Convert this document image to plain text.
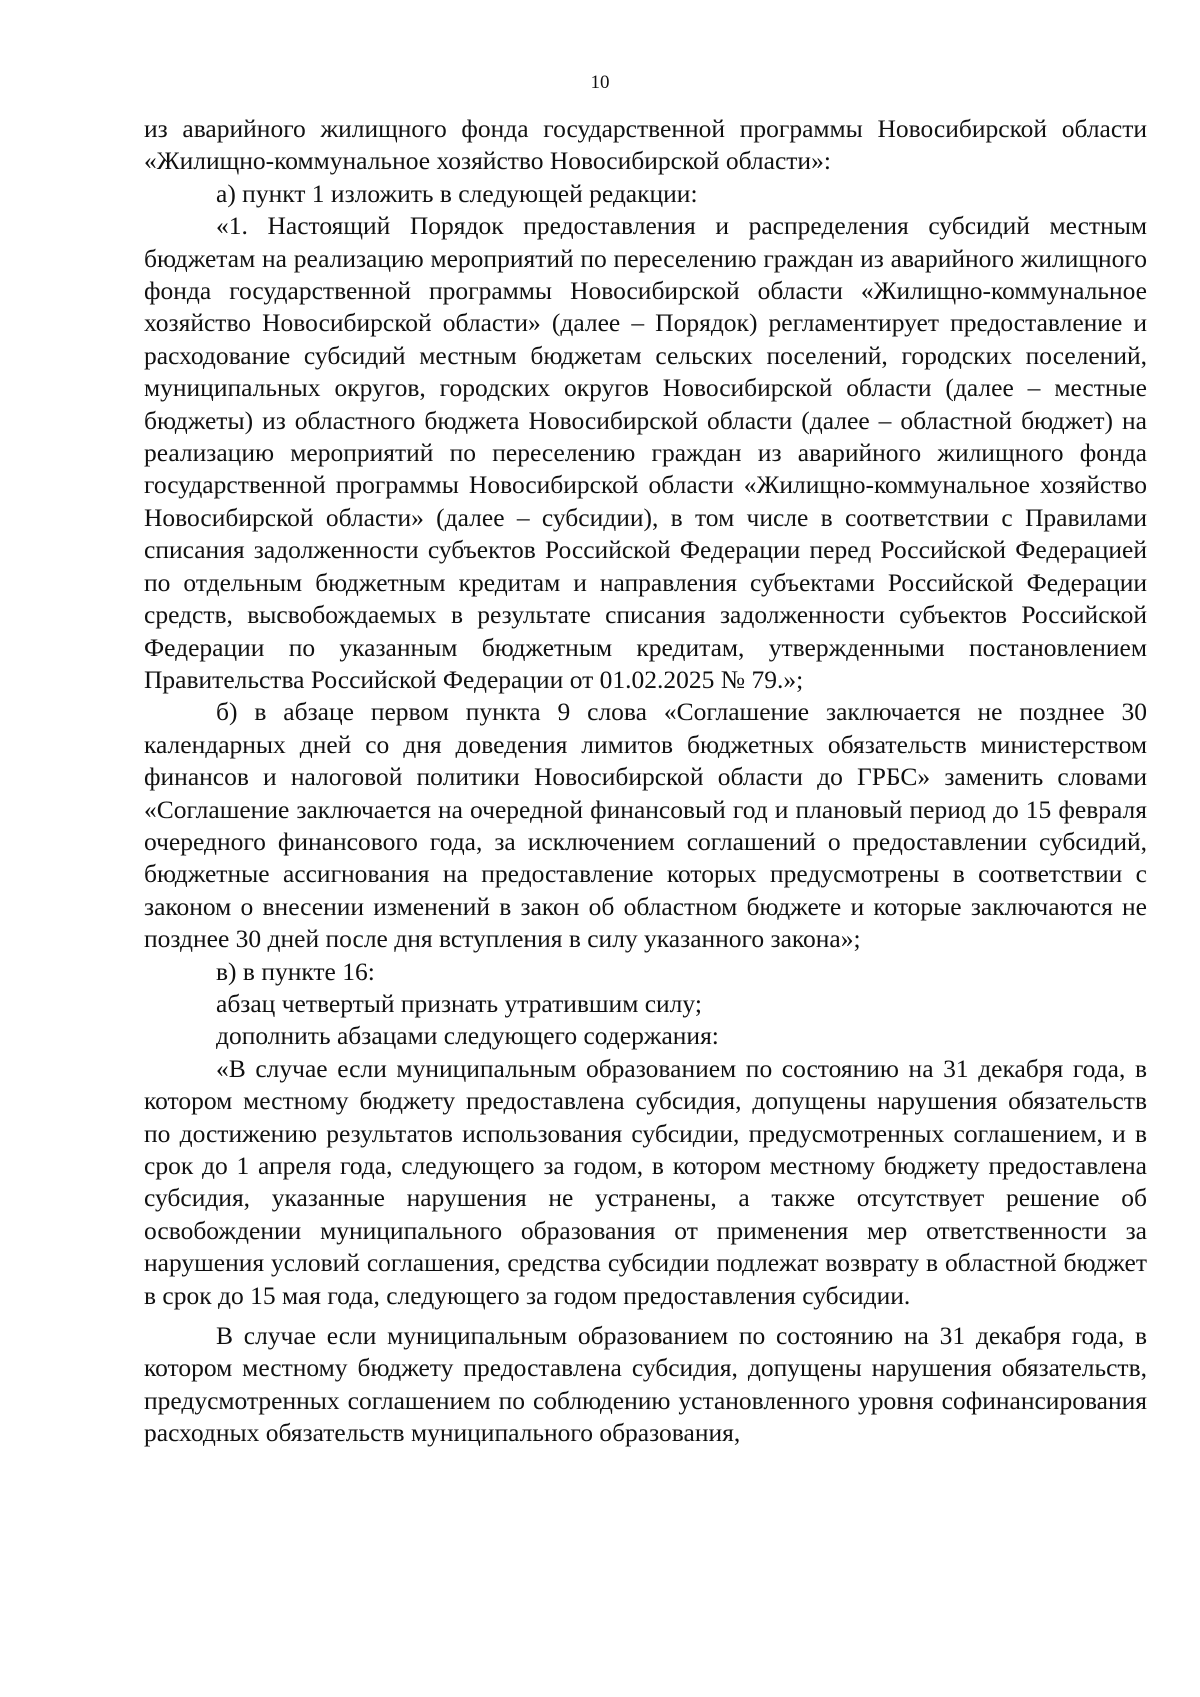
10

из аварийного жилищного фонда государственной программы Новосибирской области «Жилищно-коммунальное хозяйство Новосибирской области»:

а) пункт 1 изложить в следующей редакции:

«1. Настоящий Порядок предоставления и распределения субсидий местным бюджетам на реализацию мероприятий по переселению граждан из аварийного жилищного фонда государственной программы Новосибирской области «Жилищно-коммунальное хозяйство Новосибирской области» (далее – Порядок) регламентирует предоставление и расходование субсидий местным бюджетам сельских поселений, городских поселений, муниципальных округов, городских округов Новосибирской области (далее – местные бюджеты) из областного бюджета Новосибирской области (далее – областной бюджет) на реализацию мероприятий по переселению граждан из аварийного жилищного фонда государственной программы Новосибирской области «Жилищно-коммунальное хозяйство Новосибирской области» (далее – субсидии), в том числе в соответствии с Правилами списания задолженности субъектов Российской Федерации перед Российской Федерацией по отдельным бюджетным кредитам и направления субъектами Российской Федерации средств, высвобождаемых в результате списания задолженности субъектов Российской Федерации по указанным бюджетным кредитам, утвержденными постановлением Правительства Российской Федерации от 01.02.2025 № 79.»;

б) в абзаце первом пункта 9 слова «Соглашение заключается не позднее 30 календарных дней со дня доведения лимитов бюджетных обязательств министерством финансов и налоговой политики Новосибирской области до ГРБС» заменить словами «Соглашение заключается на очередной финансовый год и плановый период до 15 февраля очередного финансового года, за исключением соглашений о предоставлении субсидий, бюджетные ассигнования на предоставление которых предусмотрены в соответствии с законом о внесении изменений в закон об областном бюджете и которые заключаются не позднее 30 дней после дня вступления в силу указанного закона»;

в) в пункте 16:

абзац четвертый признать утратившим силу;

дополнить абзацами следующего содержания:

«В случае если муниципальным образованием по состоянию на 31 декабря года, в котором местному бюджету предоставлена субсидия, допущены нарушения обязательств по достижению результатов использования субсидии, предусмотренных соглашением, и в срок до 1 апреля года, следующего за годом, в котором местному бюджету предоставлена субсидия, указанные нарушения не устранены, а также отсутствует решение об освобождении муниципального образования от применения мер ответственности за нарушения условий соглашения, средства субсидии подлежат возврату в областной бюджет в срок до 15 мая года, следующего за годом предоставления субсидии.

В случае если муниципальным образованием по состоянию на 31 декабря года, в котором местному бюджету предоставлена субсидия, допущены нарушения обязательств, предусмотренных соглашением по соблюдению установленного уровня софинансирования расходных обязательств муниципального образования,
